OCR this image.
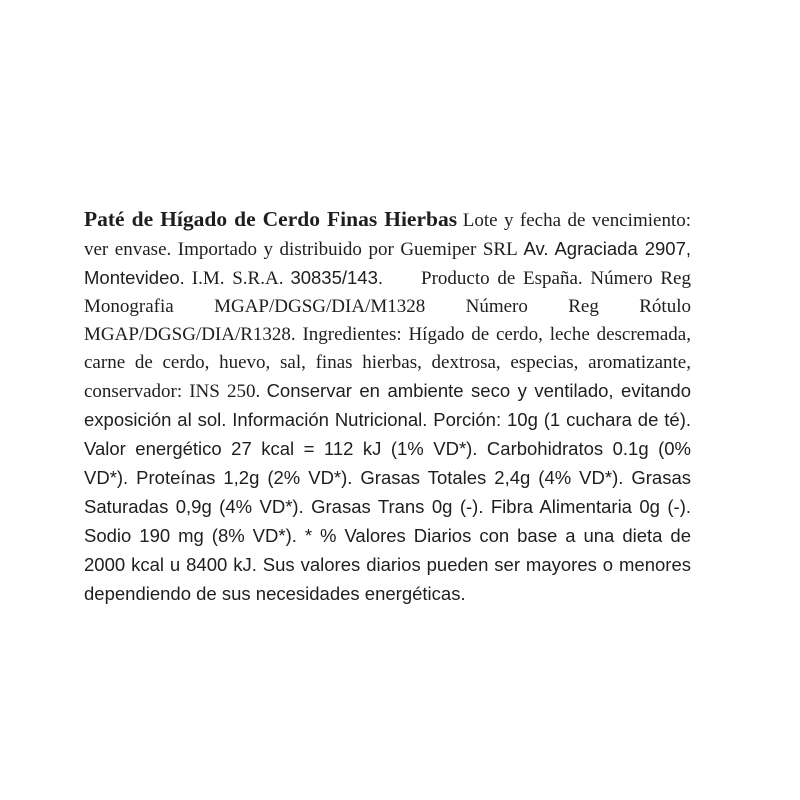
Paté de Hígado de Cerdo Finas Hierbas Lote y fecha de vencimiento: ver envase. Importado y distribuido por Guemiper SRL Av. Agraciada 2907, Montevideo. I.M. S.R.A. 30835/143. Producto de España. Número Reg Monografia MGAP/DGSG/DIA/M1328 Número Reg Rótulo MGAP/DGSG/DIA/R1328. Ingredientes: Hígado de cerdo, leche descremada, carne de cerdo, huevo, sal, finas hierbas, dextrosa, especias, aromatizante, conservador: INS 250. Conservar en ambiente seco y ventilado, evitando exposición al sol. Información Nutricional. Porción: 10g (1 cuchara de té). Valor energético 27 kcal = 112 kJ (1% VD*). Carbohidratos 0.1g (0% VD*). Proteínas 1,2g (2% VD*). Grasas Totales 2,4g (4% VD*). Grasas Saturadas 0,9g (4% VD*). Grasas Trans 0g (-). Fibra Alimentaria 0g (-). Sodio 190 mg (8% VD*). * % Valores Diarios con base a una dieta de 2000 kcal u 8400 kJ. Sus valores diarios pueden ser mayores o menores dependiendo de sus necesidades energéticas.
